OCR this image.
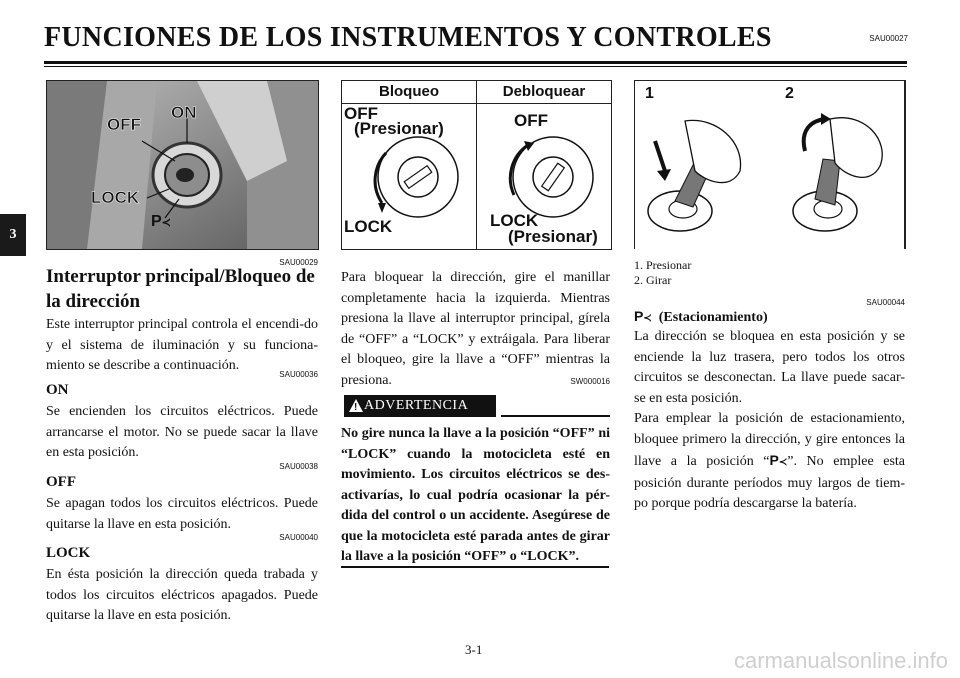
FUNCIONES DE LOS INSTRUMENTOS Y CONTROLES	SAU00027
3
OFF
ON
LOCK
P≺
Bloqueo	Debloquear
OFF
(Presionar)
LOCK
OFF
LOCK
(Presionar)
1	2
1. Presionar
2. Girar
SAU00029
Interruptor principal/Bloqueo de la dirección
Este interruptor principal controla el encendi-do y el sistema de iluminación y su funciona-miento se describe a continuación.
SAU00036
ON
Se encienden los circuitos eléctricos. Puede arrancarse el motor. No se puede sacar la llave en esta posición.
SAU00038
OFF
Se apagan todos los circuitos eléctricos. Puede quitarse la llave en esta posición.
SAU00040
LOCK
En ésta posición la dirección queda trabada y todos los circuitos eléctricos apagados. Puede quitarse la llave en esta posición.
Para bloquear la dirección, gire el manillar completamente hacia la izquierda. Mientras presiona la llave al interruptor principal, gírela de “OFF” a “LOCK” y extráigala. Para liberar el bloqueo, gire la llave a “OFF” mientras la presiona.	SW000016
ADVERTENCIA
!
No gire nunca la llave a la posición “OFF” ni “LOCK” cuando la motocicleta esté en movimiento. Los circuitos eléctricos se des-activarías, lo cual podría ocasionar la pér-dida del control o un accidente. Asegúrese de que la motocicleta esté parada antes de girar la llave a la posición “OFF” o “LOCK”.
SAU00044
P≺ (Estacionamiento)
La dirección se bloquea en esta posición y se enciende la luz trasera, pero todos los otros circuitos se desconectan. La llave puede sacar-se en esta posición.
Para emplear la posición de estacionamiento, bloquee primero la dirección, y gire entonces la llave a la posición “P≺”. No emplee esta posición durante períodos muy largos de tiem-po porque podría descargarse la batería.
3-1	carmanualsonline.info
